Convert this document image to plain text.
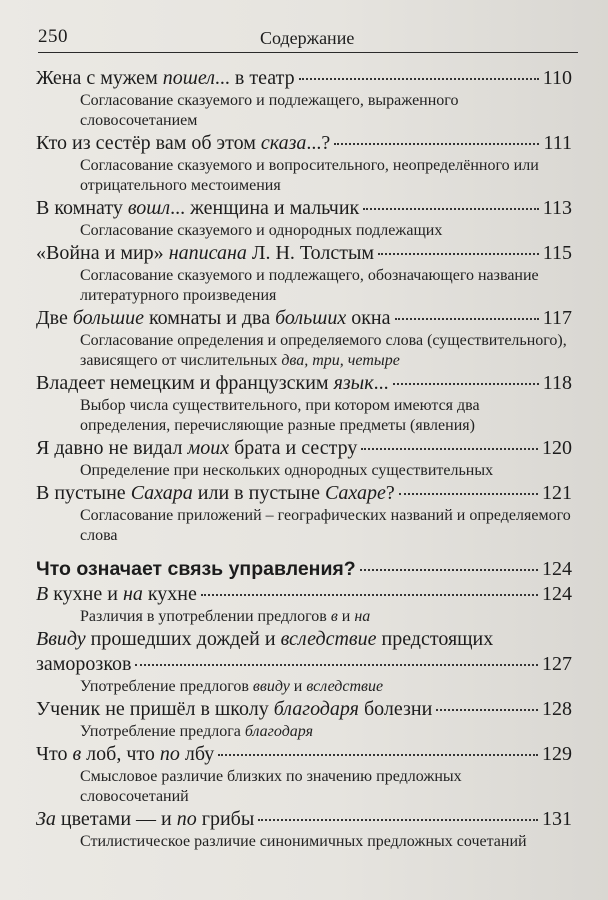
250	Содержание
Жена с мужем пошел... в театр	110
Согласование сказуемого и подлежащего, выраженного словосочетанием
Кто из сестёр вам об этом сказа...?	111
Согласование сказуемого и вопросительного, неопределённого или отрицательного местоимения
В комнату вошл... женщина и мальчик	113
Согласование сказуемого и однородных подлежащих
«Война и мир» написана Л. Н. Толстым	115
Согласование сказуемого и подлежащего, обозначающего название литературного произведения
Две большие комнаты и два больших окна	117
Согласование определения и определяемого слова (существительного), зависящего от числительных два, три, четыре
Владеет немецким и французским язык...	118
Выбор числа существительного, при котором имеются два определения, перечисляющие разные предметы (явления)
Я давно не видал моих брата и сестру	120
Определение при нескольких однородных существительных
В пустыне Сахара или в пустыне Сахаре?	121
Согласование приложений – географических названий и определяемого слова
Что означает связь управления?	124
В кухне и на кухне	124
Различия в употреблении предлогов в и на
Ввиду прошедших дождей и вследствие предстоящих
заморозков	127
Употребление предлогов ввиду и вследствие
Ученик не пришёл в школу благодаря болезни	128
Употребление предлога благодаря
Что в лоб, что по лбу	129
Смысловое различие близких по значению предложных словосочетаний
За цветами — и по грибы	131
Стилистическое различие синонимичных предложных сочетаний
